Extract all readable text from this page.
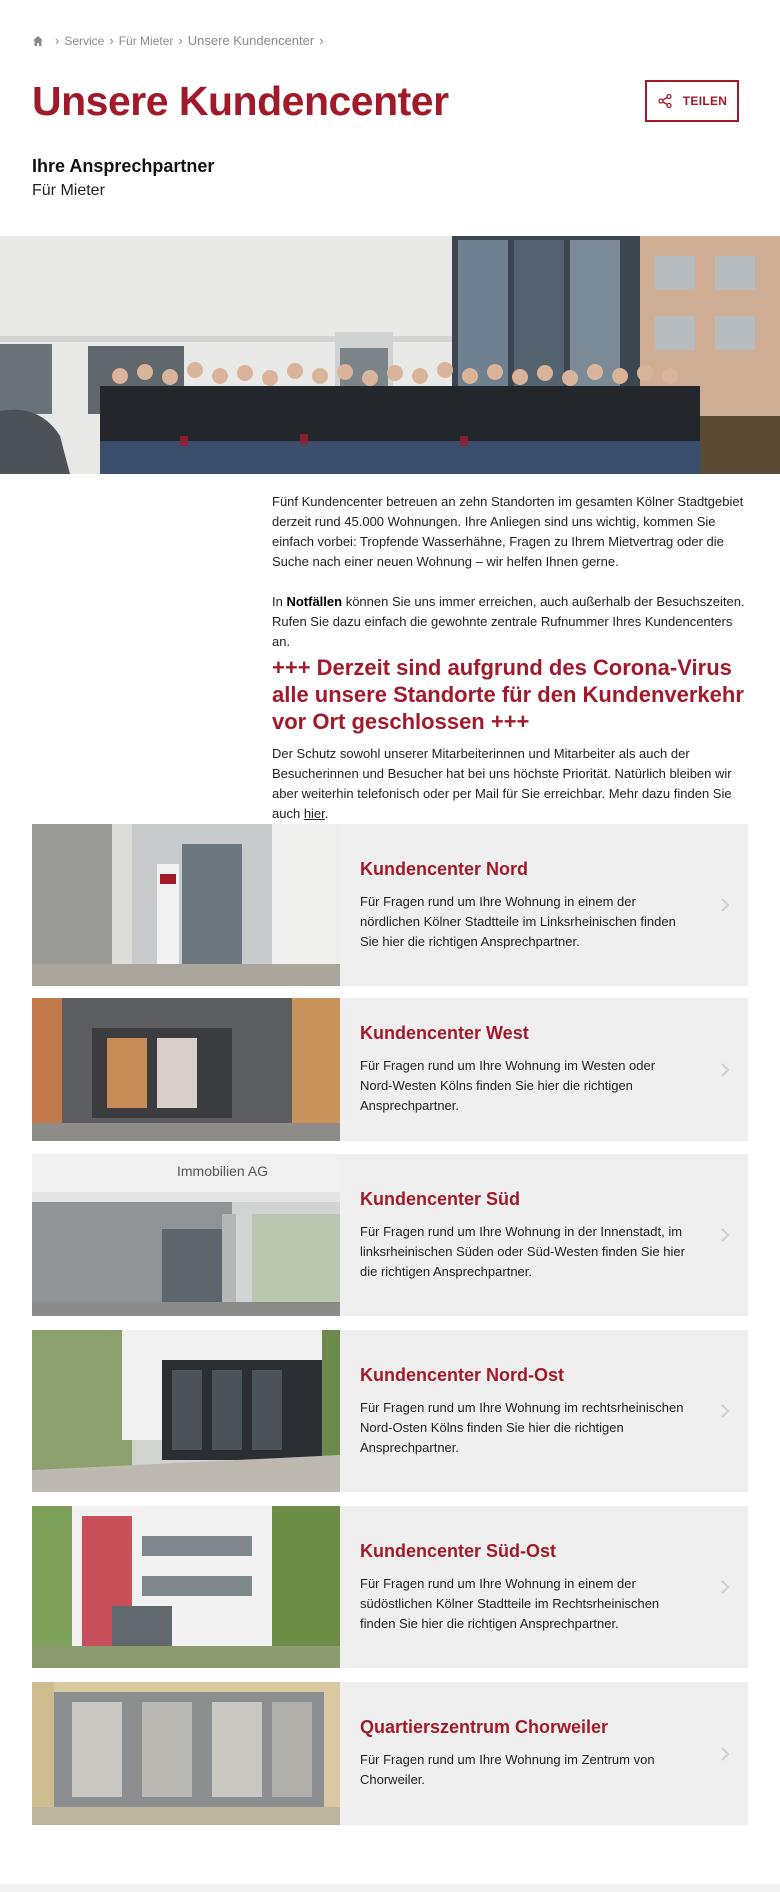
› Service › Für Mieter › Unsere Kundencenter ›
Unsere Kundencenter	TEILEN
Ihre Ansprechpartner
Für Mieter

Fünf Kundencenter betreuen an zehn Standorten im gesamten Kölner Stadtgebiet derzeit rund 45.000 Wohnungen. Ihre Anliegen sind uns wichtig, kommen Sie einfach vorbei: Tropfende Wasserhähne, Fragen zu Ihrem Mietvertrag oder die Suche nach einer neuen Wohnung – wir helfen Ihnen gerne.

In Notfällen können Sie uns immer erreichen, auch außerhalb der Besuchszeiten. Rufen Sie dazu einfach die gewohnte zentrale Rufnummer Ihres Kundencenters an.

+++ Derzeit sind aufgrund des Corona-Virus alle unsere Standorte für den Kundenverkehr vor Ort geschlossen +++

Der Schutz sowohl unserer Mitarbeiterinnen und Mitarbeiter als auch der Besucherinnen und Besucher hat bei uns höchste Priorität. Natürlich bleiben wir aber weiterhin telefonisch oder per Mail für Sie erreichbar. Mehr dazu finden Sie auch hier.

Kundencenter Nord
Für Fragen rund um Ihre Wohnung in einem der nördlichen Kölner Stadtteile im Linksrheinischen finden Sie hier die richtigen Ansprechpartner.
Kundencenter West
Für Fragen rund um Ihre Wohnung im Westen oder Nord-Westen Kölns finden Sie hier die richtigen Ansprechpartner.
Immobilien AG
Kundencenter Süd
Für Fragen rund um Ihre Wohnung in der Innenstadt, im linksrheinischen Süden oder Süd-Westen finden Sie hier die richtigen Ansprechpartner.
Kundencenter Nord-Ost
Für Fragen rund um Ihre Wohnung im rechtsrheinischen Nord-Osten Kölns finden Sie hier die richtigen Ansprechpartner.
Kundencenter Süd-Ost
Für Fragen rund um Ihre Wohnung in einem der südöstlichen Kölner Stadtteile im Rechtsrheinischen finden Sie hier die richtigen Ansprechpartner.
Quartierszentrum Chorweiler
Für Fragen rund um Ihre Wohnung im Zentrum von Chorweiler.
